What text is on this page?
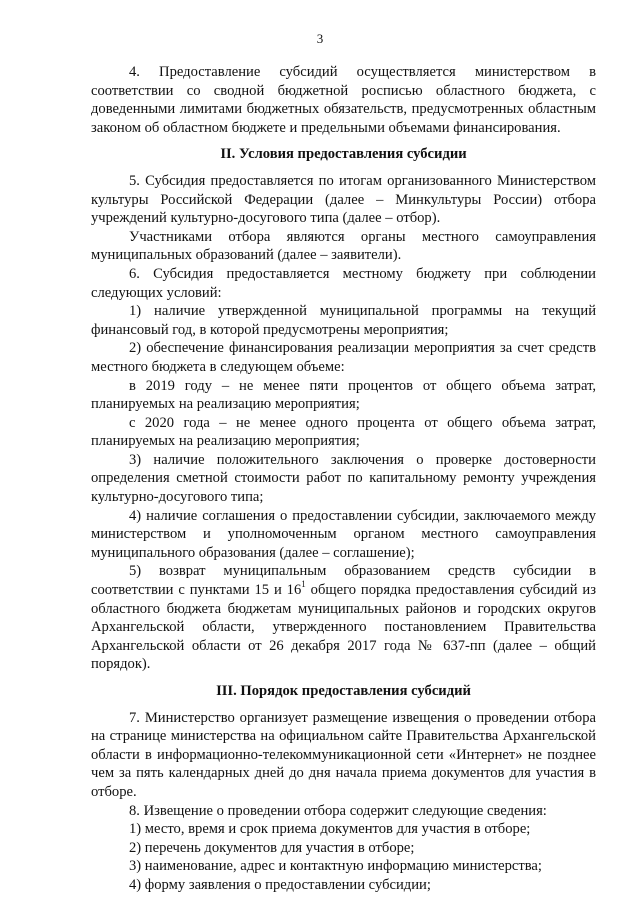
3

4. Предоставление субсидий осуществляется министерством в соответствии со сводной бюджетной росписью областного бюджета, с доведенными лимитами бюджетных обязательств, предусмотренных областным законом об областном бюджете и предельными объемами финансирования.

II. Условия предоставления субсидии

5. Субсидия предоставляется по итогам организованного Министерством культуры Российской Федерации (далее – Минкультуры России) отбора учреждений культурно-досугового типа (далее – отбор).

Участниками отбора являются органы местного самоуправления муниципальных образований (далее – заявители).

6. Субсидия предоставляется местному бюджету при соблюдении следующих условий:

1) наличие утвержденной муниципальной программы на текущий финансовый год, в которой предусмотрены мероприятия;

2) обеспечение финансирования реализации мероприятия за счет средств местного бюджета в следующем объеме:

в 2019 году – не менее пяти процентов от общего объема затрат, планируемых на реализацию мероприятия;

с 2020 года – не менее одного процента от общего объема затрат, планируемых на реализацию мероприятия;

3) наличие положительного заключения о проверке достоверности определения сметной стоимости работ по капитальному ремонту учреждения культурно-досугового типа;

4) наличие соглашения о предоставлении субсидии, заключаемого между министерством и уполномоченным органом местного самоуправления муниципального образования (далее – соглашение);

5) возврат муниципальным образованием средств субсидии в соответствии с пунктами 15 и $16^1$ общего порядка предоставления субсидий из областного бюджета бюджетам муниципальных районов и городских округов Архангельской области, утвержденного постановлением Правительства Архангельской области от 26 декабря 2017 года № 637-пп (далее – общий порядок).

III. Порядок предоставления субсидий

7. Министерство организует размещение извещения о проведении отбора на странице министерства на официальном сайте Правительства Архангельской области в информационно-телекоммуникационной сети «Интернет» не позднее чем за пять календарных дней до дня начала приема документов для участия в отборе.

8. Извещение о проведении отбора содержит следующие сведения:

1) место, время и срок приема документов для участия в отборе;

2) перечень документов для участия в отборе;

3) наименование, адрес и контактную информацию министерства;

4) форму заявления о предоставлении субсидии;
